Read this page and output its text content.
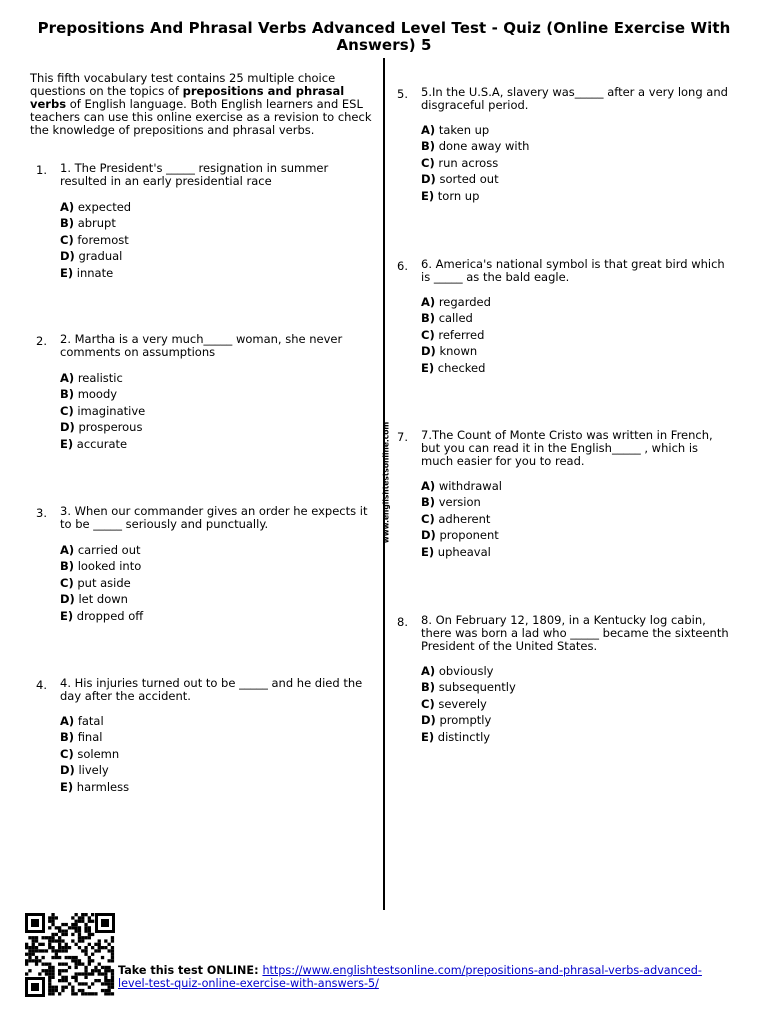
Prepositions And Phrasal Verbs Advanced Level Test - Quiz (Online Exercise With Answers) 5
This fifth vocabulary test contains 25 multiple choice questions on the topics of prepositions and phrasal verbs of English language. Both English learners and ESL teachers can use this online exercise as a revision to check the knowledge of prepositions and phrasal verbs.
www.englishtestsonline.com
1. 1. The President's _____ resignation in summer resulted in an early presidential race
A) expected
B) abrupt
C) foremost
D) gradual
E) innate
2. 2. Martha is a very much_____ woman, she never comments on assumptions
A) realistic
B) moody
C) imaginative
D) prosperous
E) accurate
3. 3. When our commander gives an order he expects it to be _____ seriously and punctually.
A) carried out
B) looked into
C) put aside
D) let down
E) dropped off
4. 4. His injuries turned out to be _____ and he died the day after the accident.
A) fatal
B) final
C) solemn
D) lively
E) harmless
5. 5.In the U.S.A, slavery was_____ after a very long and disgraceful period.
A) taken up
B) done away with
C) run across
D) sorted out
E) torn up
6. 6. America's national symbol is that great bird which is _____ as the bald eagle.
A) regarded
B) called
C) referred
D) known
E) checked
7. 7.The Count of Monte Cristo was written in French, but you can read it in the English_____ , which is much easier for you to read.
A) withdrawal
B) version
C) adherent
D) proponent
E) upheaval
8. 8. On February 12, 1809, in a Kentucky log cabin, there was born a lad who _____ became the sixteenth President of the United States.
A) obviously
B) subsequently
C) severely
D) promptly
E) distinctly
Take this test ONLINE: https://www.englishtestsonline.com/prepositions-and-phrasal-verbs-advanced-level-test-quiz-online-exercise-with-answers-5/
